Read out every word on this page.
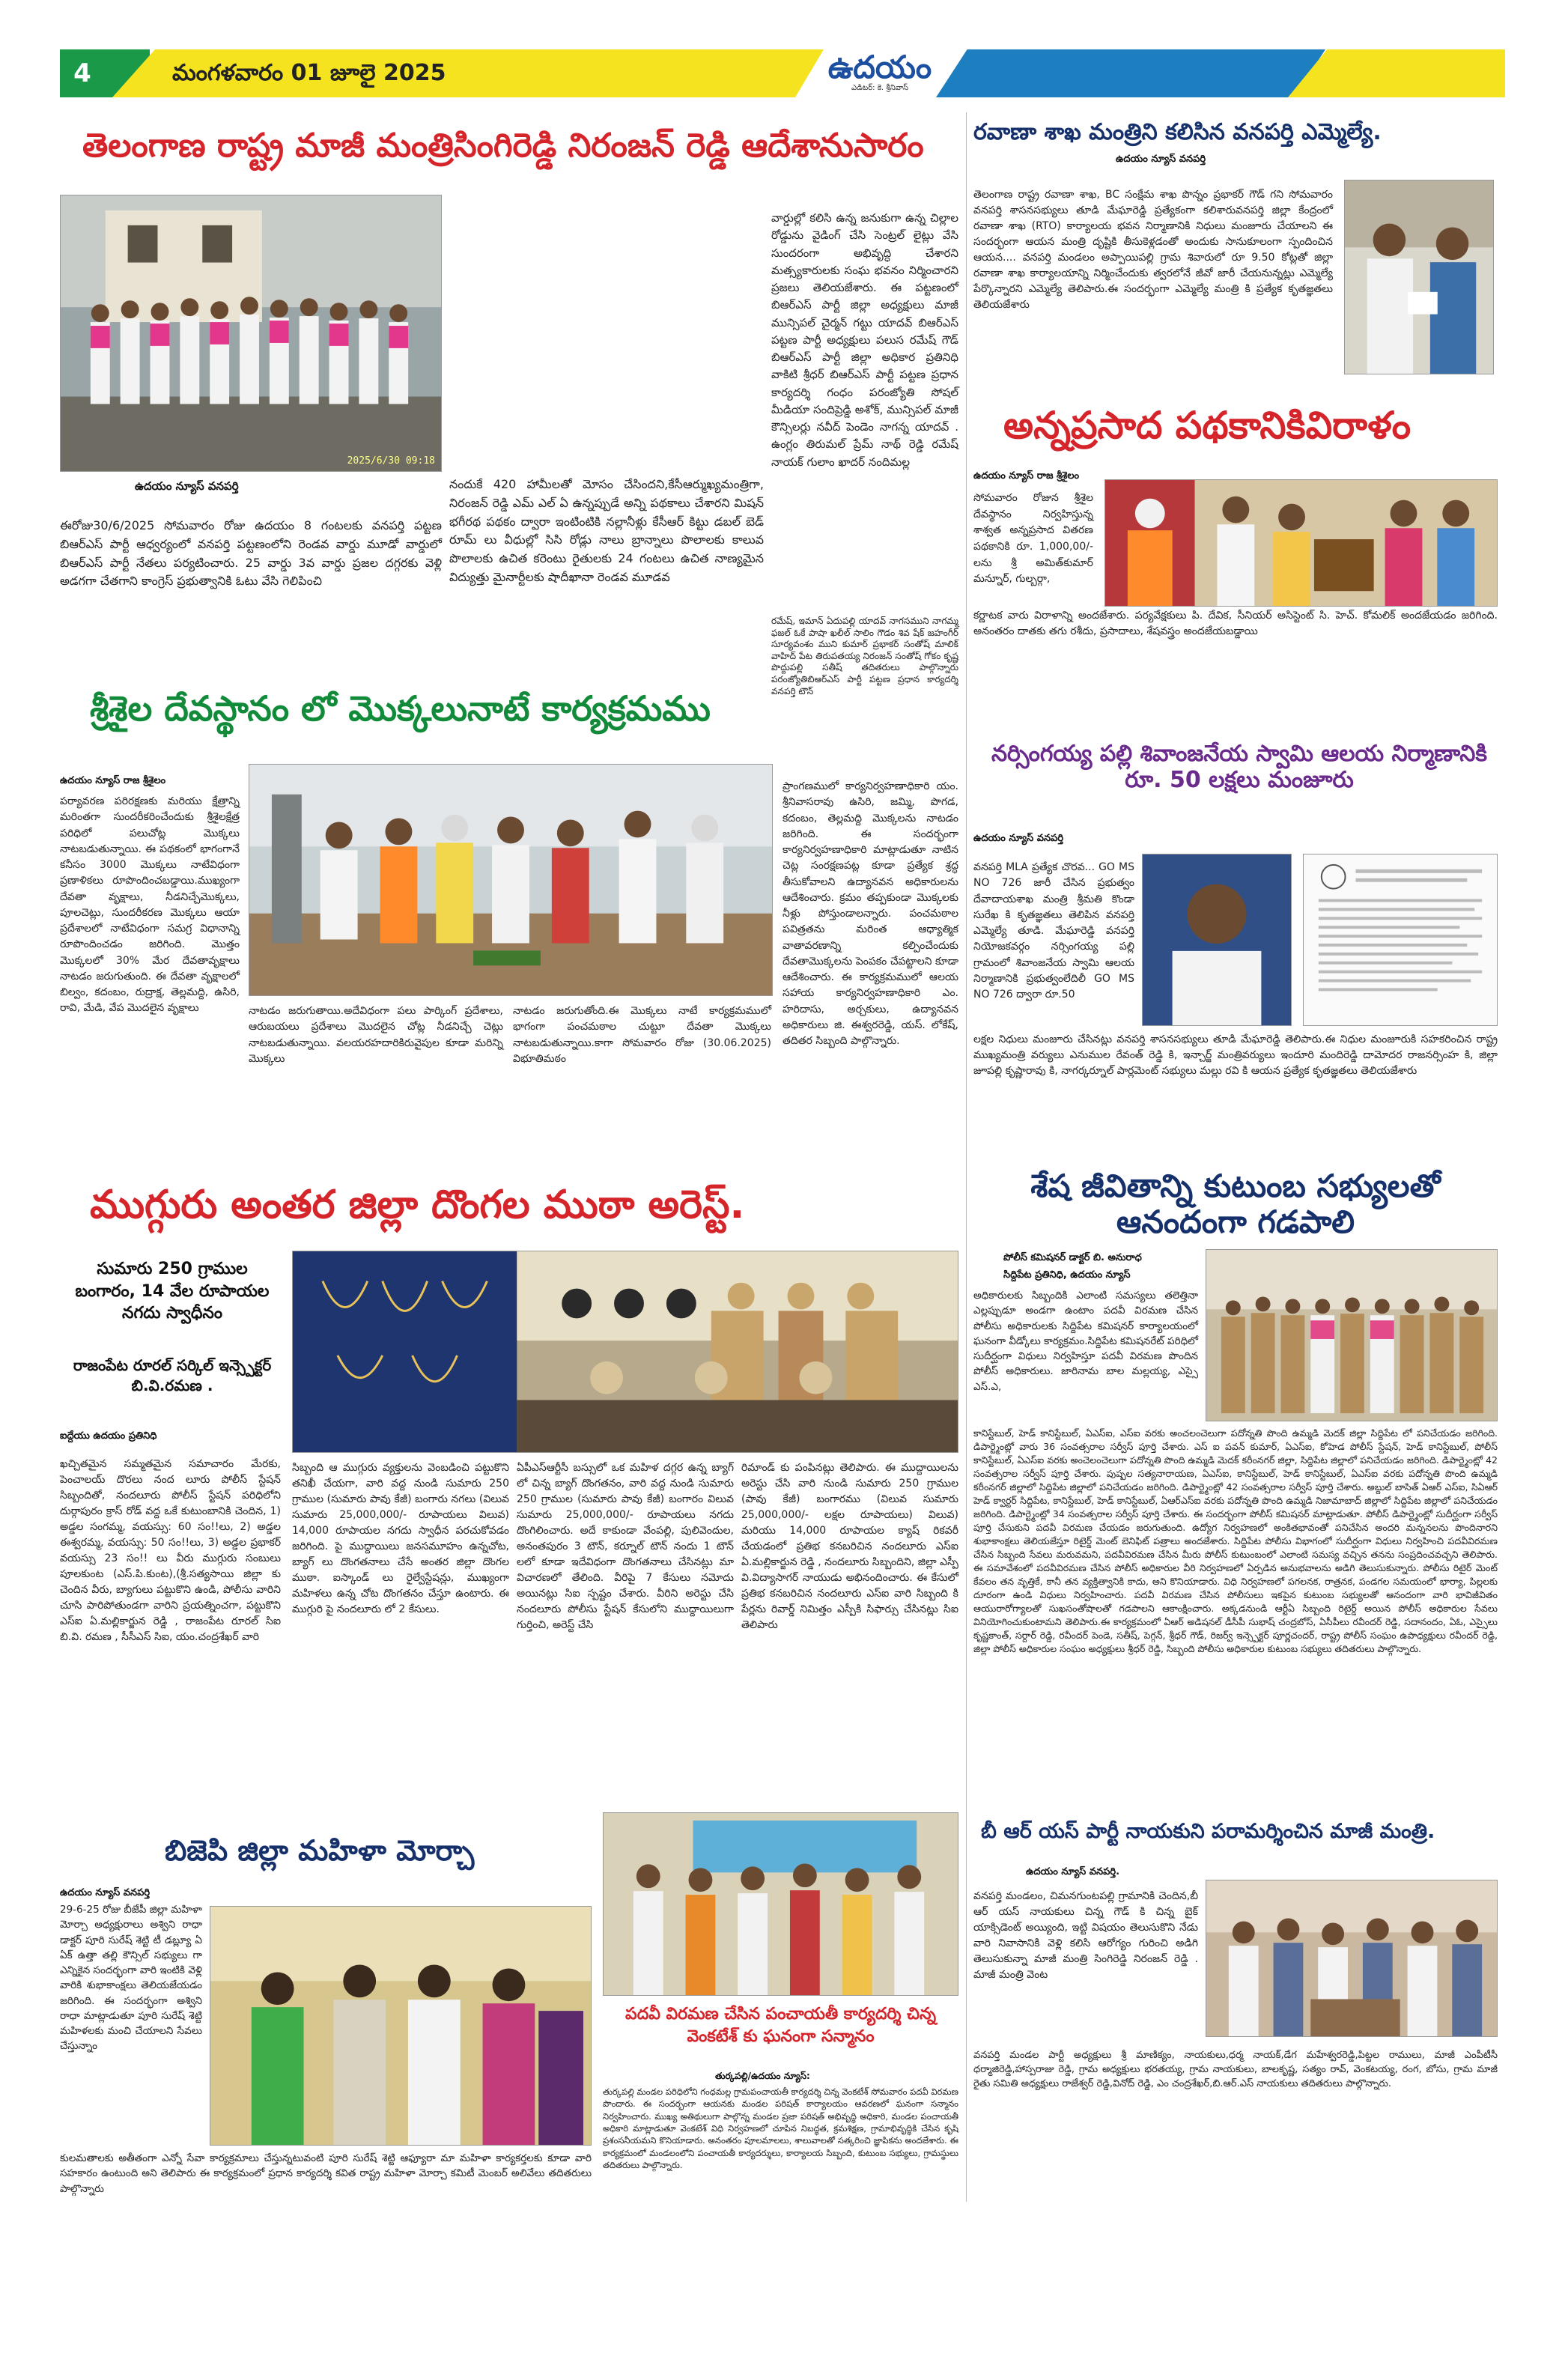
4	మంగళవారం 01 జూలై 2025	ఉదయం
ఎడిటర్: కె. శ్రీనివాస్
తెలంగాణ రాష్ట్ర మాజీ మంత్రిసింగిరెడ్డి నిరంజన్ రెడ్డి ఆదేశానుసారం
2025/6/30 09:18
ఉదయం న్యూస్ వనపర్తి
ఈరోజు30/6/2025 సోమవారం రోజు ఉదయం 8 గంటలకు వనపర్తి పట్టణ బిఆర్ఎస్ పార్టీ ఆధ్వర్యంలో వనపర్తి పట్టణంలోని రెండవ వార్డు మూడో వార్డులో బిఆర్ఎస్ పార్టీ నేతలు పర్యటించారు. 25 వార్డు 3వ వార్డు ప్రజల దగ్గరకు వెళ్లి అడగగా చేతగాని కాంగ్రెస్ ప్రభుత్వానికి ఓటు వేసి గెలిపించి
నందుకే 420 హామీలతో మోసం చేసిందని,కేసీఆర్ముఖ్యమంత్రిగా, నిరంజన్ రెడ్డి ఎమ్ ఎల్ ఏ ఉన్నప్పుడే అన్ని పథకాలు చేశారని మిషన్ భగీరథ పథకం ద్వారా ఇంటింటికి నల్లానీళ్లు కేసీఆర్ కిట్టు డబల్ బెడ్ రూమ్ లు వీధుల్లో సిసి రోడ్లు నాలు బ్రాన్నాలు పొలాలకు కాలువ పొలాలకు ఉచిత కరెంటు రైతులకు 24 గంటలు ఉచిత నాణ్యమైన విద్యుత్తు మైనార్టీలకు షాదీఖానా రెండవ మూడవ
వార్డుల్లో కలిసి ఉన్న జనుకుగా ఉన్న చిల్లాల రోడ్డును వైడింగ్ చేసి సెంట్రల్ లైట్లు వేసి సుందరంగా అభివృద్ధి చేశారని మత్స్యకారులకు సంఘ భవనం నిర్మించారని ప్రజలు తెలియజేశారు. ఈ పట్టణంలో బిఆర్ఎస్ పార్టీ జిల్లా అధ్యక్షులు మాజీ మున్సిపల్ చైర్మన్ గట్టు యాదవ్ బిఆర్ఎస్ పట్టణ పార్టీ అధ్యక్షులు పలుస రమేష్ గౌడ్ బిఆర్ఎస్ పార్టీ జిల్లా అధికార ప్రతినిధి వాకిటి శ్రీధర్ బిఆర్ఎస్ పార్టీ పట్టణ ప్రధాన కార్యదర్శి గంధం పరంజ్యోతి సోషల్ మీడియా సందిప్రెడ్డి అశోక్, మున్సిపల్ మాజీ కౌన్సిలర్లు నవీద్ పెండెం నాగన్న యాదవ్ . ఉంగ్లం తిరుమల్ ప్రేమ్ నాథ్ రెడ్డి రమేష్ నాయక్ గులాం ఖాదర్ నందిమల్ల
రమేష్, ఇమాన్ ఏదుపల్లి యాదవ్ నాగసముని నాగమ్మ ఫజల్ ఓకే పాషా ఖలీల్ సాలిం గౌడం శివ షేక్ జహంగీర్ సూర్యవంశం ముని కుమార్ ప్రభాకర్ సంతోష్ మాలిక్ వాహిద్ పేట తిరుపతయ్య నిరంజన్ సంతోష్ గోకం కృష్ణ పొద్దుపల్లి సతీష్ తదితరులు పాల్గొన్నారు పరంజ్యోతిబిఆర్ఎస్ పార్టీ పట్టణ ప్రధాన కార్యదర్శి వనపర్తి టౌన్
రవాణా శాఖ మంత్రిని కలిసిన వనపర్తి ఎమ్మెల్యే.
ఉదయం న్యూస్ వనపర్తి
తెలంగాణ రాష్ట్ర రవాణా శాఖ, BC సంక్షేమ శాఖ పొన్నం ప్రభాకర్ గౌడ్ గని సోమవారం వనపర్తి శాసనసభ్యులు తూడి మేఘారెడ్డి ప్రత్యేకంగా కలిశారువనపర్తి జిల్లా కేంద్రంలో రవాణా శాఖ (RTO) కార్యాలయ భవన నిర్మాణానికి నిధులు మంజూరు చేయాలని ఈ సందర్భంగా ఆయన మంత్రి దృష్టికి తీసుకెళ్లడంతో అందుకు సానుకూలంగా స్పందించిన ఆయన.... వనపర్తి మండలం అప్పాయిపల్లి గ్రామ శివారులో రూ 9.50 కోట్లతో జిల్లా రవాణా శాఖ కార్యాలయాన్ని నిర్మించేందుకు త్వరలోనే జీవో జారీ చేయనున్నట్లు ఎమ్మెల్యే పేర్కొన్నారని ఎమ్మెల్యే తెలిపారు.ఈ సందర్భంగా ఎమ్మెల్యే మంత్రి కి ప్రత్యేక కృతజ్ఞతలు తెలియజేశారు
అన్నప్రసాద పథకానికివిరాళం
ఉదయం న్యూస్ రాజ శ్రీశైలం
సోమవారం రోజున శ్రీశైల దేవస్థానం నిర్వహిస్తున్న శాశ్వత అన్నప్రసాద వితరణ పథకానికి రూ. 1,000,00/-లను శ్రీ అమిత్‌కుమార్ మన్నూర్, గుల్బర్గా,
కర్ణాటక వారు విరాళాన్ని అందజేశారు. పర్యవేక్షకులు పి. దేవిక, సీనియర్ అసిస్టెంట్ సి. హెచ్. కోమలిక్ అందజేయడం జరిగింది. అనంతరం దాతకు తగు రశీదు, ప్రసాదాలు, శేషవస్త్రం అందజేయబడ్డాయి
శ్రీశైల దేవస్థానం లో మొక్కలునాటే కార్యక్రమము
ఉదయం న్యూస్ రాజ శ్రీశైలం
పర్యావరణ పరిరక్షణకు మరియు క్షేత్రాన్ని మరింతగా సుందరీకరించేందుకు శ్రీశైలక్షేత్ర పరిధిలో పలుచోట్ల మొక్కలు నాటబడుతున్నాయి. ఈ పథకంలో భాగంగానే కనీసం 3000 మొక్కలు నాటేవిధంగా ప్రణాళికలు రూపొందించబడ్డాయి.ముఖ్యంగా దేవతా వృక్షాలు, నీడనిచ్చేమొక్కలు, పూలచెట్లు, సుందరీకరణ మొక్కలు ఆయా ప్రదేశాలలో నాటేవిధంగా సమగ్ర విధానాన్ని రూపొందించడం జరిగింది. మొత్తం మొక్కలలో 30% మేర దేవతావృక్షాలు నాటడం జరుగుతుంది. ఈ దేవతా వృక్షాలలో బిల్వం, కదంబం, రుద్రాక్ష, తెల్లమద్ది, ఉసిరి, రావి, మేడి, వేప మొదలైన వృక్షాలు	నాటడం జరుగుతాయి.అదేవిధంగా పలు పార్కింగ్ ప్రదేశాలు, ఆరుబయలు ప్రదేశాలు మొదలైన చోట్ల నీడనిచ్చే చెట్లు నాటబడుతున్నాయి. వలయరహదారికిరువైపుల కూడా మరిన్ని మొక్కలు
నాటడం జరుగుతోంది.ఈ మొక్కలు నాటే కార్యక్రమములో భాగంగా పంచమఠాల చుట్టూ దేవతా మొక్కలు నాటబడుతున్నాయి.కాగా సోమవారం రోజు (30.06.2025) విభూతిమఠం
ప్రాంగణములో కార్యనిర్వహణాధికారి యం. శ్రీనివాసరావు ఉసిరి, జమ్మి, పొగడ, కదంబం, తెల్లమద్ది మొక్కలను నాటడం జరిగింది. ఈ సందర్భంగా కార్యనిర్వహణాధికారి మాట్లాడుతూ నాటిన చెట్ల సంరక్షణపట్ల కూడా ప్రత్యేక శ్రద్ధ తీసుకోవాలని ఉద్యానవన అధికారులను ఆదేశించారు. క్రమం తప్పకుండా మొక్కలకు నీళ్లు పోస్తుండాలన్నారు. పంచమఠాల పవిత్రతను మరింత ఆధ్యాత్మిక వాతావరణాన్ని కల్పించేందుకు దేవతామొక్కలను పెంపకం చేపట్టాలని కూడా ఆదేశించారు. ఈ కార్యక్రమములో ఆలయ సహాయ కార్యనిర్వహణాధికారి ఎం. హరిదాసు, అర్చకులు, ఉద్యానవన అధికారులు జి. ఈశ్వరరెడ్డి, యస్. లోకేష్, తదితర సిబ్బంది పాల్గొన్నారు.
నర్సింగయ్య పల్లి శివాంజనేయ స్వామి ఆలయ నిర్మాణానికి రూ. 50 లక్షలు మంజూరు
ఉదయం న్యూస్ వనపర్తి
వనపర్తి MLA ప్రత్యేక చొరవ... GO MS NO 726 జారీ చేసిన ప్రభుత్వం దేవాదాయశాఖ మంత్రి శ్రీమతి కొండా సురేఖ కి కృతజ్ఞతలు తెలిపిన వనపర్తి ఎమ్మెల్యే తూడి. మేఘారెడ్డి వనపర్తి నియోజకవర్గం నర్సింగయ్య పల్లి గ్రామంలో శివాంజనేయ స్వామి ఆలయ నిర్మాణానికి ప్రభుత్వంలేదిలీ GO MS NO 726 ద్వారా రూ.50
లక్షల నిధులు మంజూరు చేసినట్లు వనపర్తి శాసనసభ్యులు తూడి మేఘారెడ్డి తెలిపారు.ఈ నిధుల మంజూరుకి సహకరించిన రాష్ట్ర ముఖ్యమంత్రి వర్యులు ఎనుముల రేవంత్ రెడ్డి కి, ఇన్చార్జ్ మంత్రివర్యులు ఇందూరి మందిరెడ్డి దామోదర రాజనర్సింహ కి, జిల్లా జూపల్లి కృష్ణారావు కి, నాగర్కర్నూల్ పార్లమెంట్ సభ్యులు మల్లు రవి కి ఆయన ప్రత్యేక కృతజ్ఞతలు తెలియజేశారు
ముగ్గురు అంతర జిల్లా దొంగల ముఠా అరెస్ట్.
సుమారు 250 గ్రాముల బంగారం, 14 వేల రూపాయల నగదు స్వాధీనం
రాజంపేట రూరల్ సర్కిల్ ఇన్స్పెక్టర్ బి.వి.రమణ .
ఐద్దేయు ఉదయం ప్రతినిధి
ఖచ్చితమైన సమ్మతమైన సమాచారం మేరకు, పెంచాలయ్ దొరలు నంద లూరు పోలీస్ స్టేషన్ సిబ్బందితో, నందలూరు పోలీస్ స్టేషన్ పరిధిలోని దుర్గాపురం క్రాస్ రోడ్ వద్ద ఒకే కుటుంబానికి చెందిన, 1) అడ్డల సంగమ్మ, వయస్సు: 60 సం!!లు, 2) అడ్డల ఈశ్వరమ్మ, వయస్సు: 50 సం!!లు, 3) అడ్డల ప్రభాకర్ వయస్సు 23 సం!! లు వీరు ముగ్గురు సంబులు పూలకుంట (ఎస్.పి.కుంట),(శ్రీ.సత్యసాయి జిల్లా కు చెందిన వీరు, బ్యాగులు పట్టుకొని ఉండి, పోలీసు వారిని చూసి పారిపోతుండగా వారిని ప్రయత్నించగా, పట్టుకొని ఎస్ఐ ఏ.మల్లికార్జున రెడ్డి , రాజంపేట రూరల్ సిఐ బి.వి. రమణ , సీసీఎస్ సిఐ, యం.చంద్రశేఖర్ వారి
సిబ్బంది ఆ ముగ్గురు వ్యక్తులను వెంబడించి పట్టుకొని తనిఖీ చేయగా, వారి వద్ద నుండి సుమారు 250 గ్రాముల (సుమారు పావు కేజీ) బంగారు నగలు (విలువ సుమారు 25,000,000/- రూపాయలు విలువ) 14,000 రూపాయల నగదు స్వాధీన పరచుకోవడం జరిగింది. పై ముద్దాయిలు జనసమూహం ఉన్నచోట, బ్యాగ్ లు దొంగతనాలు చేసే అంతర జిల్లా దొంగల ముఠా. ఐస్కాండ్ లు రైల్వేస్టేషన్లు, ముఖ్యంగా మహిళలు ఉన్న చోట దొంగతనం చేస్తూ ఉంటారు. ఈ ముగ్గురి పై నందలూరు లో 2 కేసులు.
ఏపీఎస్ఆర్టీసీ బస్సులో ఒక మహిళ దగ్గర ఉన్న బ్యాగ్ లో చిన్న బ్యాగ్ దొంగతనం, వారి వద్ద నుండి సుమారు 250 గ్రాముల (సుమారు పావు కేజీ) బంగారం విలువ సుమారు 25,000,000/- రూపాయలు నగదు దొంగిలించారు. అదే కాకుండా వేంపల్లి, పులివెందుల, అనంతపురం 3 టౌన్, కర్నూల్ టౌన్ నందు 1 టౌన్ లలో కూడా ఇదేవిధంగా దొంగతనాలు చేసినట్లు మా విచారణలో తేలింది. వీరిపై 7 కేసులు నమోదు అయినట్లు సిఐ స్పష్టం చేశారు. వీరిని అరెస్టు చేసి నందలూరు పోలీసు స్టేషన్ కేసులోని ముద్దాయిలుగా గుర్తించి, అరెస్ట్ చేసి
రిమాండ్ కు పంపినట్లు తెలిపారు. ఈ ముద్దాయిలను అరెస్టు చేసి వారి నుండి సుమారు 250 గ్రాముల (పావు కేజీ) బంగారము (విలువ సుమారు 25,000,000/- లక్షల రూపాయలు) విలువ) మరియు 14,000 రూపాయల క్యాష్ రికవరీ చేయడంలో ప్రతిభ కనబరిచిన నందలూరు ఎస్ఐ ఏ.మల్లికార్జున రెడ్డి , నందలూరు సిబ్బందిని, జిల్లా ఎస్పీ వి.విద్యాసాగర్ నాయుడు అభినందించారు. ఈ కేసులో ప్రతిభ కనబరిచిన నందలూరు ఎస్ఐ వారి సిబ్బంది కి పేర్లను రివార్డ్ నిమిత్తం ఎస్పీకి సిఫార్సు చేసినట్లు సిఐ తెలిపారు
శేష జీవితాన్ని కుటుంబ సభ్యులతో ఆనందంగా గడపాలి
పోలీస్ కమిషనర్ డాక్టర్ బి. అనురాధ
సిద్దిపేట ప్రతినిధి, ఉదయం న్యూస్
అధికారులకు సిబ్బందికి ఎలాంటి సమస్యలు తలెత్తినా ఎల్లప్పుడూ అండగా ఉంటాం పదవీ విరమణ చేసిన పోలీసు అధికారులకు సిద్దిపేట కమిషనర్ కార్యాలయంలో ఘనంగా వీడ్కోలు కార్యక్రమం.సిద్దిపేట కమిషనరేట్ పరిధిలో సుదీర్ఘంగా విధులు నిర్వహిస్తూ పదవీ విరమణ పొందిన పోలీస్ అధికారులు. జారినామ బాల మల్లయ్య, ఎస్సై ఎస్.ఎ,
కానిస్టేబుల్, హెడ్ కానిస్టేబుల్, ఏఎస్ఐ, ఎస్ఐ వరకు అంచలంచెలుగా పదోన్నతి పొంది ఉమ్మడి మెదక్ జిల్లా సిద్దిపేట లో పనిచేయడం జరిగింది. డిపార్ట్మెంట్లో వారు 36 సంవత్సరాల సర్వీస్ పూర్తి చేశారు. ఎస్ ఐ పవన్ కుమార్, ఏఎస్ఐ, కోహెడ పోలీస్ స్టేషన్, హెడ్ కానిస్టేబుల్, పోలీస్ కానిస్టేబుల్, ఏఎస్ఐ వరకు అంచెలంచెలుగా పదోన్నతి పొంది ఉమ్మడి మెదక్ కరీంనగర్ జిల్లా, సిద్దిపేట జిల్లాలో పనిచేయడం జరిగింది. డిపార్ట్మెంట్లో 42 సంవత్సరాల సర్వీస్ పూర్తి చేశారు. పుష్పల సత్యనారాయణ, ఏఎస్ఐ, కానిస్టేబుల్, హెడ్ కానిస్టేబుల్, ఏఎస్ఐ వరకు పదోన్నతి పొంది ఉమ్మడి కరీంనగర్ జిల్లాలో సిద్దిపేట జిల్లాలో పనిచేయడం జరిగింది. డిపార్ట్మెంట్లో 42 సంవత్సరాల సర్వీస్ పూర్తి చేశారు. అబ్దుల్ బాసిత్ ఏఆర్ ఎస్ఐ, సిఏఆర్ హెడ్ క్వార్టర్ సిద్దిపేట, కానిస్టేబుల్, హెడ్ కానిస్టేబుల్, ఏఆర్ఎస్ఐ వరకు పదోన్నతి పొంది ఉమ్మడి నిజామాబాద్ జిల్లాలో సిద్దిపేట జిల్లాలో పనిచేయడం జరిగింది. డిపార్ట్మెంట్లో 34 సంవత్సరాల సర్వీస్ పూర్తి చేశారు. ఈ సందర్భంగా పోలీస్ కమిషనర్ మాట్లాడుతూ. పోలీస్ డిపార్ట్మెంట్లో సుదీర్ఘంగా సర్వీస్ పూర్తి చేసుకుని పదవీ విరమణ చేయడం జరుగుతుంది. ఉద్యోగ నిర్వహణలో అంకితభావంతో పనిచేసిన అందరి మన్ననలను పొందినారని శుభాకాంక్షలు తెలియజేస్తూ రిటైర్డ్ మెంట్ బెనిఫిట్ పత్రాలు అందజేశారు. సిద్దిపేట పోలీసు విభాగంలో సుదీర్ఘంగా విధులు నిర్వహించి పదవీవిరమణ చేసిన సిబ్బంది సేవలు మరువమని, పదవీవిరమణ చేసిన మీరు పోలీస్ కుటుంబంలో ఎలాంటి సమస్య వచ్చిన తనను సంప్రదించవచ్చని తెలిపారు. ఈ సమావేశంలో పదవీవిరమణ చేసిన పోలీస్ అధికారుల వీరి నిర్వహణలో ఏర్పడిన అనుభవాలను అడిగి తెలుసుకున్నారు. పోలీసు రిటైర్ మెంట్ కేవలం తన వృత్తికే, కానీ తన వ్యక్తిత్వానికి కాదు, అని కొనియాడారు. విధి నిర్వహణలో పగలనక, రాత్రనక, పండగల సమయంలో భార్యా, పిల్లలకు దూరంగా ఉండి విధులు నిర్వహించారు. పదవీ విరమణ చేసిన పోలీసులు ఇకపైన కుటుంబ సభ్యులతో ఆనందంగా వారి భావిజీవితం ఆయురారోగ్యాలతో సుఖసంతోషాలతో గడపాలని ఆకాంక్షించారు. అక్కడనుండి ఆర్టీఏ సిబ్బంది రిటైర్డ్ అయిన పోలీస్ అధికారుల సేవలు వినియోగించుకుంటామని తెలిపారు.ఈ కార్యక్రమంలో ఏఆర్ అడిషనల్ డీసీపీ సుభాష్ చంద్రబోస్, ఏసీపీలు రవీందర్ రెడ్డి, సదానందం, ఏఓ, ఎస్సైలు కృష్ణకాంత్, సర్దార్ రెడ్డి, రవీందర్ పెండె, సతీష్, పెగ్గన్, శ్రీధర్ గౌడ్, రిజర్వ్ ఇన్స్పెక్టర్ పూర్ణచందర్, రాష్ట్ర పోలీస్ సంఘం ఉపాధ్యక్షులు రవీందర్ రెడ్డి, జిల్లా పోలీస్ అధికారుల సంఘం అధ్యక్షులు శ్రీధర్ రెడ్డి, సిబ్బంది పోలీసు అధికారుల కుటుంబ సభ్యులు తదితరులు పాల్గొన్నారు.
బిజెపి జిల్లా మహిళా మోర్చా
ఉదయం న్యూస్ వనపర్తి
29-6-25 రోజు బీజేపీ జిల్లా మహిళా మోర్చా అధ్యక్షురాలు అశ్విని రాధా డాక్టర్ పూరి సురేష్ శెట్టి టీ డబ్ల్యూ ఏ ఏక్ ఉత్తా తల్లి కౌన్సిల్ సభ్యులు గా ఎన్నికైన సందర్భంగా వారి ఇంటికి వెళ్లి వారికి శుభాకాంక్షలు తెలియజేయడం జరిగింది. ఈ సందర్భంగా అశ్విని రాధా మాట్లాడుతూ పూరి సురేష్ శెట్టి మహిళలకు మంచి చేయాలని సేవలు చేస్తున్నాం
కులమతాలకు అతీతంగా ఎన్నో సేవా కార్యక్రమాలు చేస్తున్నటువంటి పూరి సురేష్ శెట్టి ఆఫ్యూరా మా మహిళా కార్యకర్తలకు కూడా వారి సహకారం ఉంటుంది అని తెలిపారు ఈ కార్యక్రమంలో ప్రధాన కార్యదర్శి కవిత రాష్ట్ర మహిళా మోర్చా కమిటీ మెంబర్ అలివేలు తదితరులు పాల్గొన్నారు
పదవీ విరమణ చేసిన పంచాయతీ కార్యదర్శి చిన్న వెంకటేశ్ కు ఘనంగా సన్మానం
తుర్కపల్లి/ఉదయం న్యూస్:
తుర్కపల్లి మండల పరిధిలోని గంధమల్ల గ్రామపంచాయతీ కార్యదర్శి చిన్న వెంకటేశ్ సోమవారం పదవీ విరమణ పొందారు. ఈ సందర్భంగా ఆయనకు మండల పరిషత్ కార్యాలయం ఆవరణలో ఘనంగా సన్మానం నిర్వహించారు. ముఖ్య అతిథులుగా పాల్గొన్న మండల ప్రజా పరిషత్ అభివృద్ధి అధికారి, మండల పంచాయతీ అధికారి మాట్లాడుతూ వెంకటేశ్ విధి నిర్వహణలో చూపిన నిబద్ధత, క్రమశిక్షణ, గ్రామాభివృద్ధికి చేసిన కృషి ప్రశంసనీయమని కొనియాడారు. అనంతరం పూలమాలలు, శాలువాలతో సత్కరించి జ్ఞాపికను అందజేశారు. ఈ కార్యక్రమంలో మండలంలోని పంచాయతీ కార్యదర్శులు, కార్యాలయ సిబ్బంది, కుటుంబ సభ్యులు, గ్రామస్థులు తదితరులు పాల్గొన్నారు.
బీ ఆర్ యస్ పార్టీ నాయకుని పరామర్శించిన మాజీ మంత్రి.
ఉదయం న్యూస్ వనపర్తి.
వనపర్తి మండలం, చిమనగుంటపల్లి గ్రామానికి చెందిన,బీ ఆర్ యస్ నాయకులు చిన్న గౌడ్ కి చిన్న బైక్ యాక్సిడెంట్ అయ్యింది, ఇట్టి విషయం తెలుసుకొని నేడు వారి నివాసానికి వెళ్లి కలిసి ఆరోగ్యం గురించి అడిగి తెలుసుకున్నా మాజీ మంత్రి సింగిరెడ్డి నిరంజన్ రెడ్డి . మాజీ మంత్రి వెంట
వనపర్తి మండల పార్టీ అధ్యక్షులు శ్రీ మాణిక్యం, నాయకులు,ధర్మ నాయక్,డేగ మహేశ్వరరెడ్డి,పిట్టల రాములు, మాజీ ఎంపీటీసీ ధర్మాజిరెడ్డి,హాస్పరాజు రెడ్డి, గ్రామ అధ్యక్షులు భరతయ్య, గ్రామ నాయకులు, బాలకృష్ణ, సత్యం రావ్, వెంకటయ్య, రంగ, బోసు, గ్రామ మాజీ రైతు సమితి అధ్యక్షులు రాజేశ్వర్ రెడ్డి,వినోద్ రెడ్డి, ఎం చంద్రశేఖర్,బి.ఆర్.ఎస్ నాయకులు తదితరులు పాల్గొన్నారు.
